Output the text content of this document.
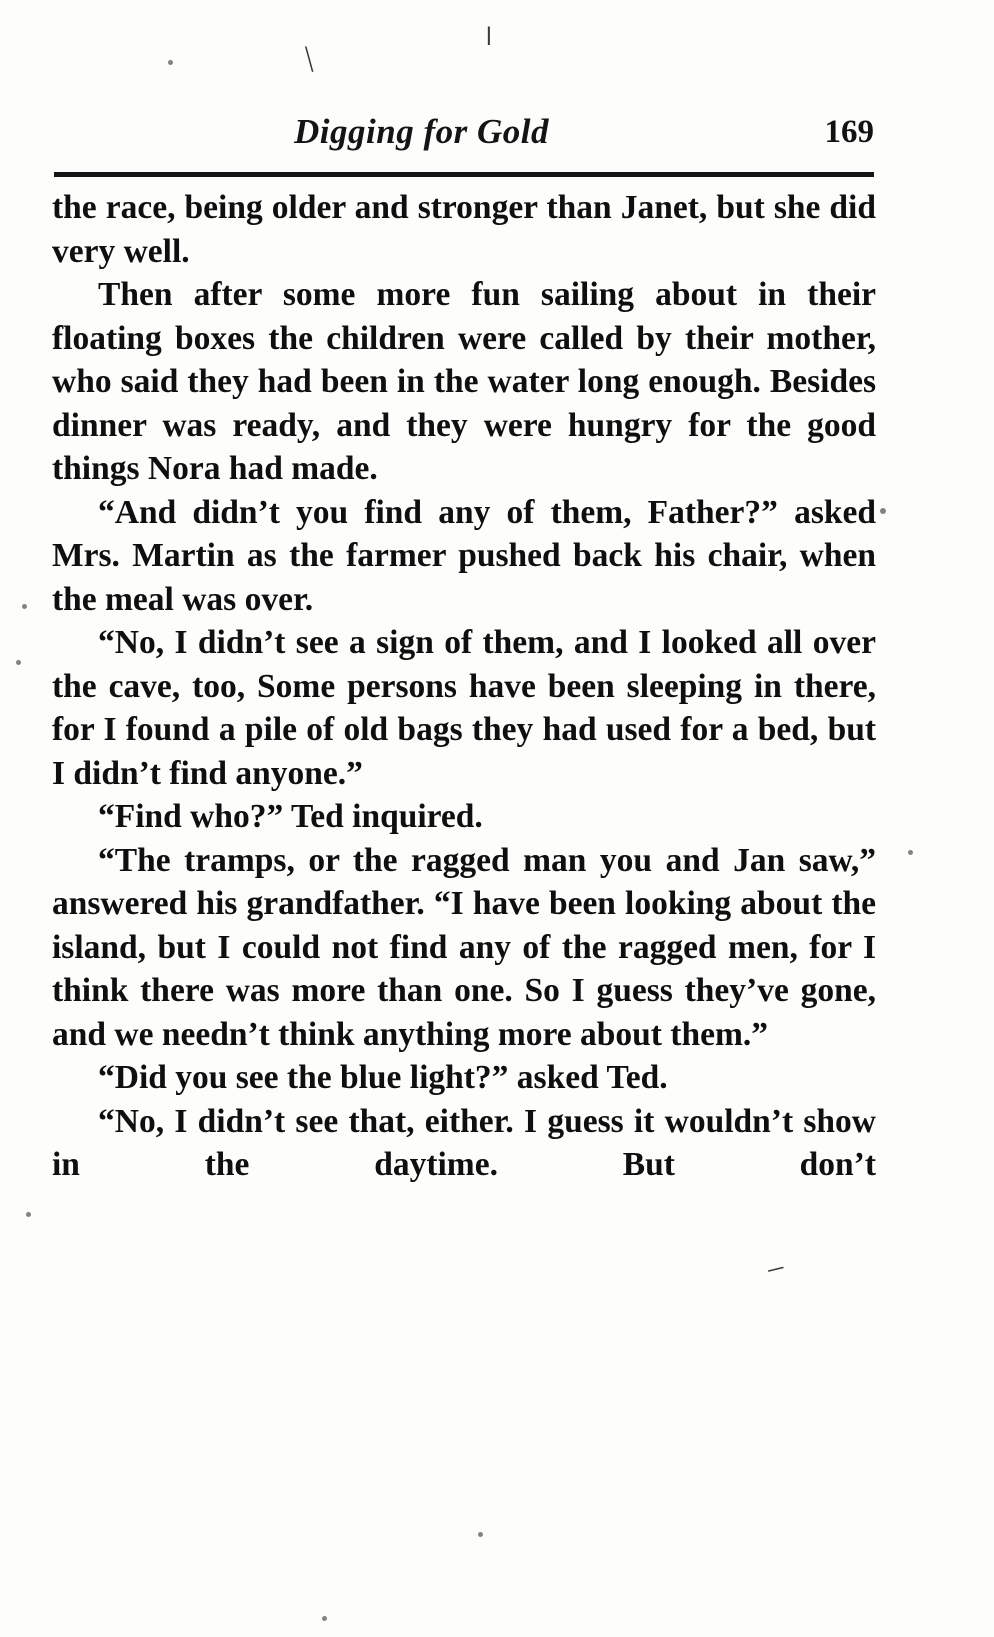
ǀ
╲
─
Digging for Gold	169

the race, being older and stronger than Janet, but she did very well.

Then after some more fun sailing about in their floating boxes the children were called by their mother, who said they had been in the water long enough. Besides dinner was ready, and they were hungry for the good things Nora had made.

“And didn’t you find any of them, Father?” asked Mrs. Martin as the farmer pushed back his chair, when the meal was over.

“No, I didn’t see a sign of them, and I looked all over the cave, too, Some persons have been sleeping in there, for I found a pile of old bags they had used for a bed, but I didn’t find anyone.”

“Find who?” Ted inquired.

“The tramps, or the ragged man you and Jan saw,” answered his grandfather. “I have been looking about the island, but I could not find any of the ragged men, for I think there was more than one. So I guess they’ve gone, and we needn’t think anything more about them.”

“Did you see the blue light?” asked Ted.

“No, I didn’t see that, either. I guess it wouldn’t show in the daytime. But don’t
